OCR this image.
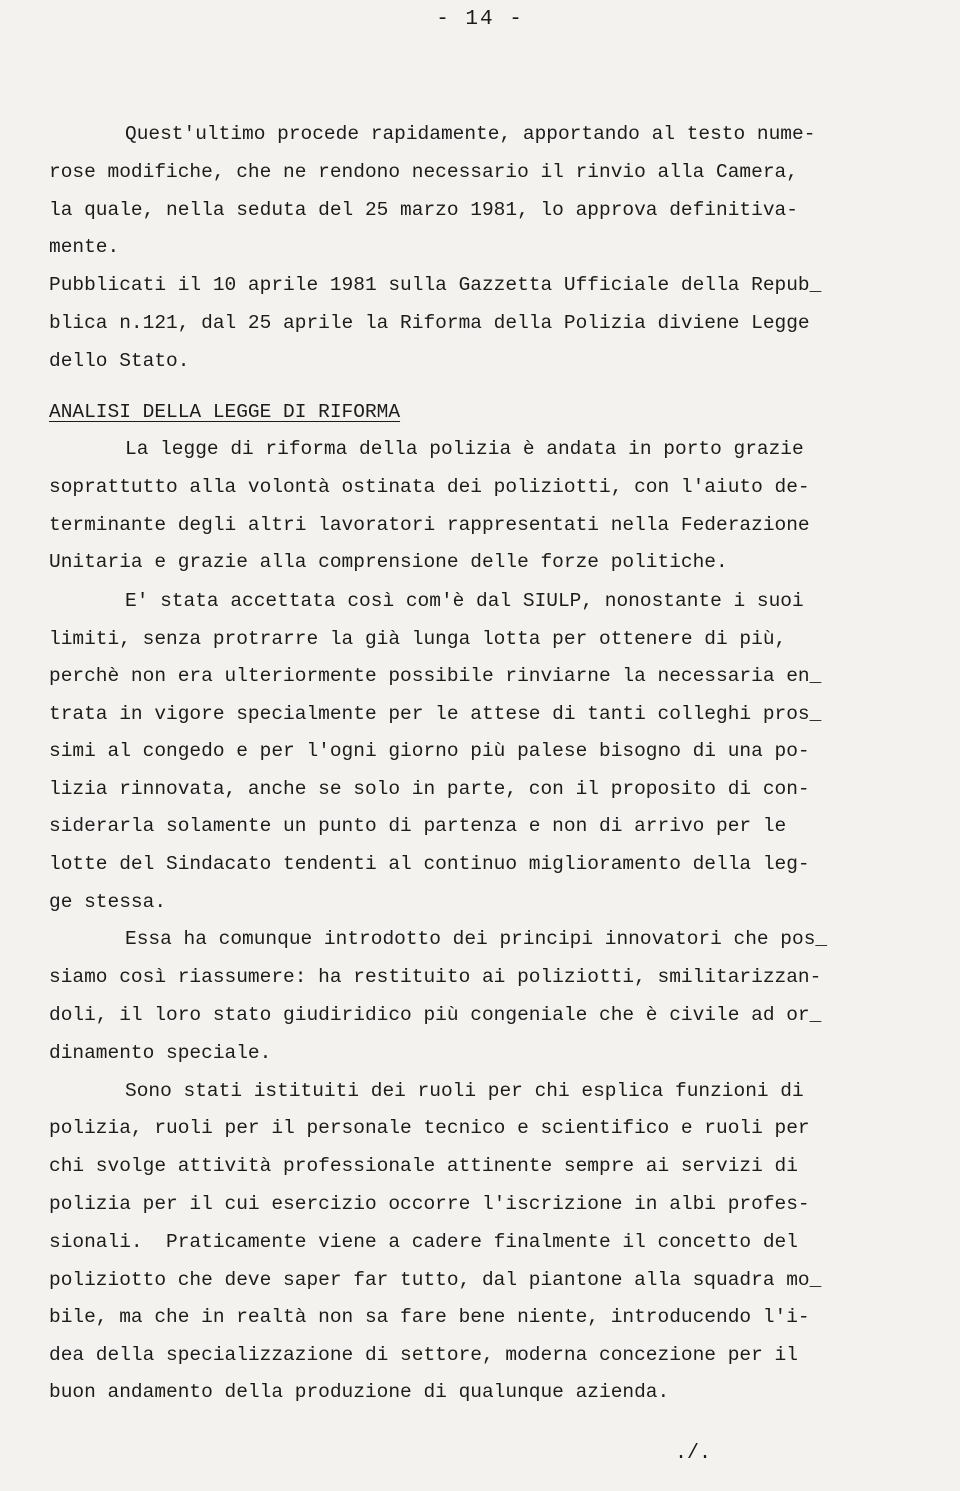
- 14 -
Quest'ultimo procede rapidamente, apportando al testo nume-
rose modifiche, che ne rendono necessario il rinvio alla Camera,
la quale, nella seduta del 25 marzo 1981, lo approva definitiva-
mente.
Pubblicati il 10 aprile 1981 sulla Gazzetta Ufficiale della Repub_
blica n.121, dal 25 aprile la Riforma della Polizia diviene Legge
dello Stato.
ANALISI DELLA LEGGE DI RIFORMA
La legge di riforma della polizia è andata in porto grazie
soprattutto alla volontà ostinata dei poliziotti, con l'aiuto de-
terminante degli altri lavoratori rappresentati nella Federazione
Unitaria e grazie alla comprensione delle forze politiche.
E' stata accettata così com'è dal SIULP, nonostante i suoi
limiti, senza protrarre la già lunga lotta per ottenere di più,
perchè non era ulteriormente possibile rinviarne la necessaria en_
trata in vigore specialmente per le attese di tanti colleghi pros_
simi al congedo e per l'ogni giorno più palese bisogno di una po-
lizia rinnovata, anche se solo in parte, con il proposito di con-
siderarla solamente un punto di partenza e non di arrivo per le
lotte del Sindacato tendenti al continuo miglioramento della leg-
ge stessa.
Essa ha comunque introdotto dei principi innovatori che pos_
siamo così riassumere: ha restituito ai poliziotti, smilitarizzan-
doli, il loro stato giudiridico più congeniale che è civile ad or_
dinamento speciale.
Sono stati istituiti dei ruoli per chi esplica funzioni di
polizia, ruoli per il personale tecnico e scientifico e ruoli per
chi svolge attività professionale attinente sempre ai servizi di
polizia per il cui esercizio occorre l'iscrizione in albi profes-
sionali.  Praticamente viene a cadere finalmente il concetto del
poliziotto che deve saper far tutto, dal piantone alla squadra mo_
bile, ma che in realtà non sa fare bene niente, introducendo l'i-
dea della specializzazione di settore, moderna concezione per il
buon andamento della produzione di qualunque azienda.
./.
